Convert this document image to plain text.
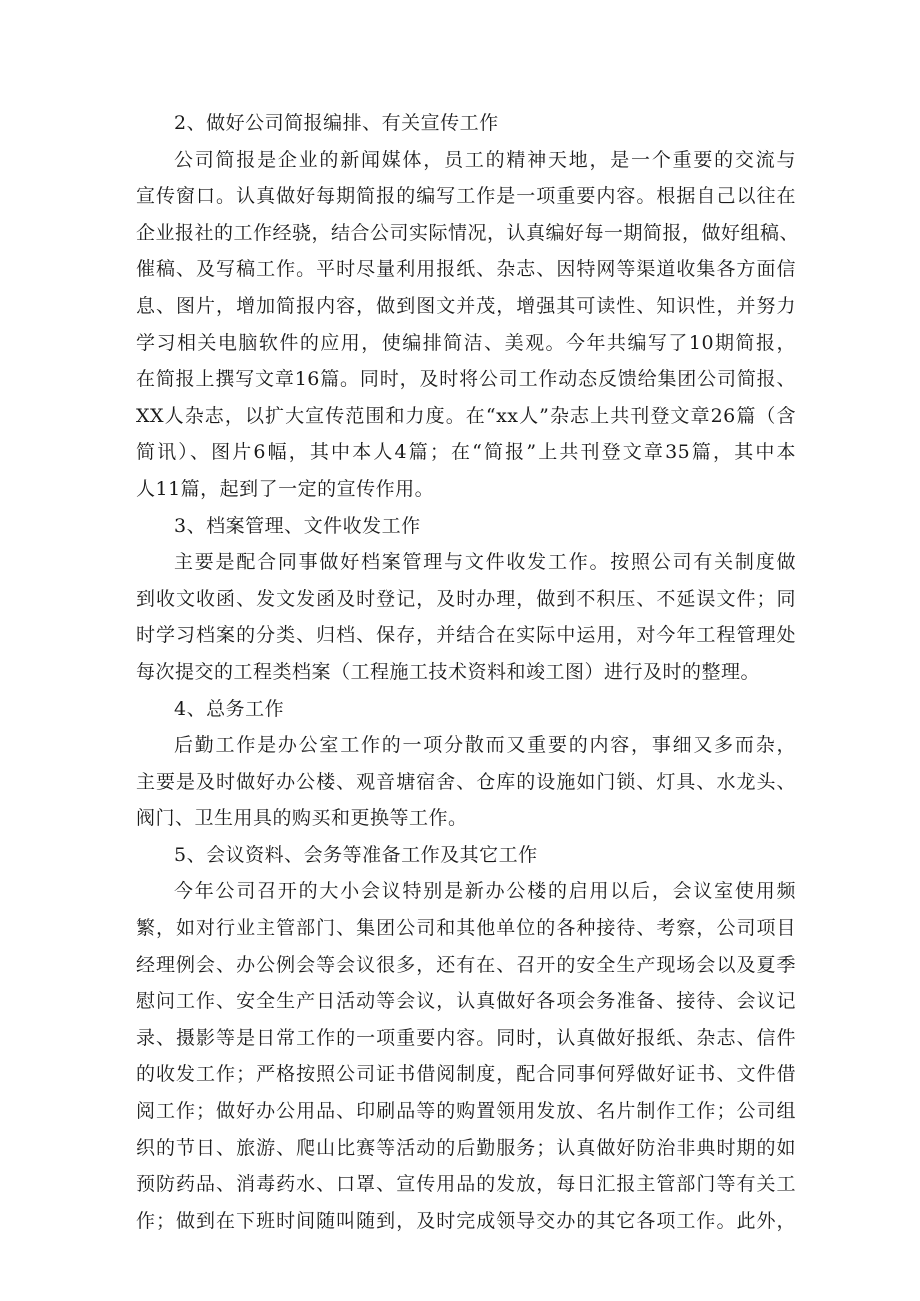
2、做好公司简报编排、有关宣传工作
公司简报是企业的新闻媒体，员工的精神天地，是一个重要的交流与
宣传窗口。认真做好每期简报的编写工作是一项重要内容。根据自己以往在
企业报社的工作经骁，结合公司实际情况，认真编好每一期简报，做好组稿、
催稿、及写稿工作。平时尽量利用报纸、杂志、因特网等渠道收集各方面信
息、图片，增加简报内容，做到图文并茂，增强其可读性、知识性，并努力
学习相关电脑软件的应用，使编排简洁、美观。今年共编写了10期简报，
在简报上撰写文章16篇。同时，及时将公司工作动态反馈给集团公司简报、
XX人杂志，以扩大宣传范围和力度。在“xx人”杂志上共刊登文章26篇（含
简讯）、图片6幅，其中本人4篇；在“简报”上共刊登文章35篇，其中本
人11篇，起到了一定的宣传作用。
3、档案管理、文件收发工作
主要是配合同事做好档案管理与文件收发工作。按照公司有关制度做
到收文收函、发文发函及时登记，及时办理，做到不积压、不延误文件；同
时学习档案的分类、归档、保存，并结合在实际中运用，对今年工程管理处
每次提交的工程类档案（工程施工技术资料和竣工图）进行及时的整理。
4、总务工作
后勤工作是办公室工作的一项分散而又重要的内容，事细又多而杂，
主要是及时做好办公楼、观音塘宿舍、仓库的设施如门锁、灯具、水龙头、
阀门、卫生用具的购买和更换等工作。
5、会议资料、会务等准备工作及其它工作
今年公司召开的大小会议特别是新办公楼的启用以后，会议室使用频
繁，如对行业主管部门、集团公司和其他单位的各种接待、考察，公司项目
经理例会、办公例会等会议很多，还有在、召开的安全生产现场会以及夏季
慰问工作、安全生产日活动等会议，认真做好各项会务准备、接待、会议记
录、摄影等是日常工作的一项重要内容。同时，认真做好报纸、杂志、信件
的收发工作；严格按照公司证书借阅制度，配合同事何殍做好证书、文件借
阅工作；做好办公用品、印刷品等的购置领用发放、名片制作工作；公司组
织的节日、旅游、爬山比赛等活动的后勤服务；认真做好防治非典时期的如
预防药品、消毒药水、口罩、宣传用品的发放，每日汇报主管部门等有关工
作；做到在下班时间随叫随到，及时完成领导交办的其它各项工作。此外，
